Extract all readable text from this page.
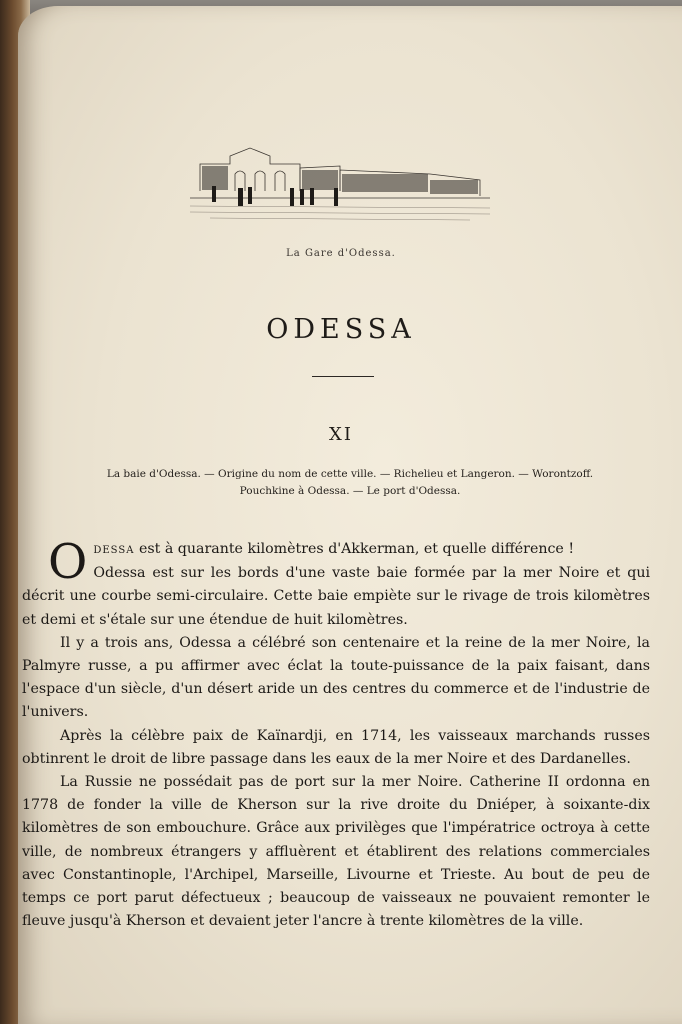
La Gare d'Odessa.
ODESSA
XI
La baie d'Odessa. — Origine du nom de cette ville. — Richelieu et Langeron. — Worontzoff.
Pouchkine à Odessa. — Le port d'Odessa.

ODESSA est à quarante kilomètres d'Akkerman, et quelle différence !

Odessa est sur les bords d'une vaste baie formée par la mer Noire et qui décrit une courbe semi-circulaire. Cette baie empiète sur le rivage de trois kilomètres et demi et s'étale sur une étendue de huit kilomètres.

Il y a trois ans, Odessa a célébré son centenaire et la reine de la mer Noire, la Palmyre russe, a pu affirmer avec éclat la toute-puissance de la paix faisant, dans l'espace d'un siècle, d'un désert aride un des centres du commerce et de l'industrie de l'univers.

Après la célèbre paix de Kaïnardji, en 1714, les vaisseaux marchands russes obtinrent le droit de libre passage dans les eaux de la mer Noire et des Dardanelles.

La Russie ne possédait pas de port sur la mer Noire. Catherine II ordonna en 1778 de fonder la ville de Kherson sur la rive droite du Dniéper, à soixante-dix kilomètres de son embouchure. Grâce aux privilèges que l'impératrice octroya à cette ville, de nombreux étrangers y affluèrent et établirent des relations commerciales avec Constantinople, l'Archipel, Marseille, Livourne et Trieste. Au bout de peu de temps ce port parut défectueux ; beaucoup de vaisseaux ne pouvaient remonter le fleuve jusqu'à Kherson et devaient jeter l'ancre à trente kilomètres de la ville.
